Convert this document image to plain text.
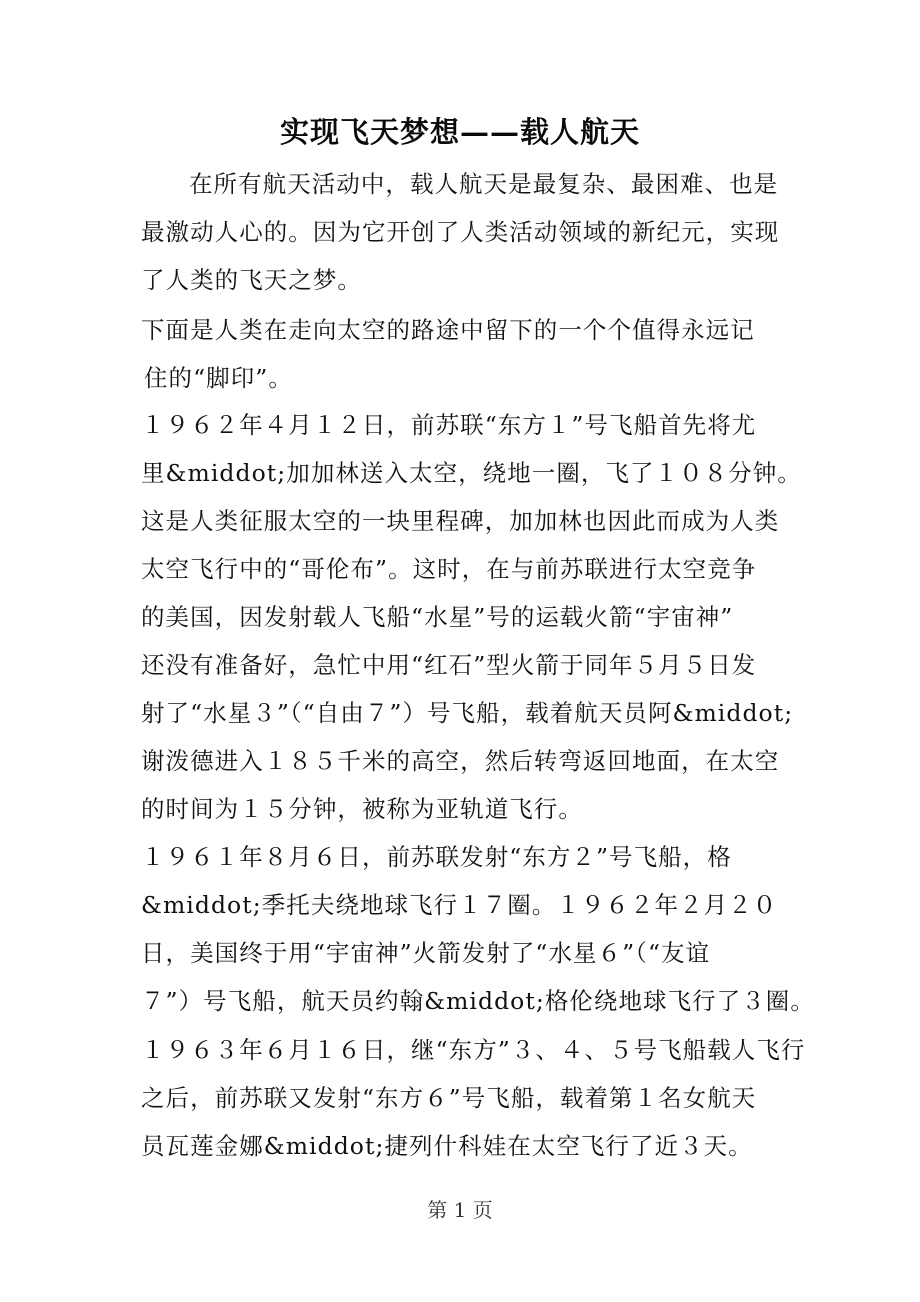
实现飞天梦想——载人航天
在所有航天活动中，载人航天是最复杂、最困难、也是
最激动人心的。因为它开创了人类活动领域的新纪元，实现
了人类的飞天之梦。
下面是人类在走向太空的路途中留下的一个个值得永远记
住的“脚印”。
１９６２年４月１２日，前苏联“东方１”号飞船首先将尤
里&middot;加加林送入太空，绕地一圈，飞了１０８分钟。
这是人类征服太空的一块里程碑，加加林也因此而成为人类
太空飞行中的“哥伦布”。这时，在与前苏联进行太空竞争
的美国，因发射载人飞船“水星”号的运载火箭“宇宙神”
还没有准备好，急忙中用“红石”型火箭于同年５月５日发
射了“水星３”（“自由７”）号飞船，载着航天员阿&middot;
谢泼德进入１８５千米的高空，然后转弯返回地面，在太空
的时间为１５分钟，被称为亚轨道飞行。
１９６１年８月６日，前苏联发射“东方２”号飞船，格
&middot;季托夫绕地球飞行１７圈。１９６２年２月２０
日，美国终于用“宇宙神”火箭发射了“水星６”（“友谊
７”）号飞船，航天员约翰&middot;格伦绕地球飞行了３圈。
１９６３年６月１６日，继“东方”３、４、５号飞船载人飞行
之后，前苏联又发射“东方６”号飞船，载着第１名女航天
员瓦莲金娜&middot;捷列什科娃在太空飞行了近３天。
第 1 页
